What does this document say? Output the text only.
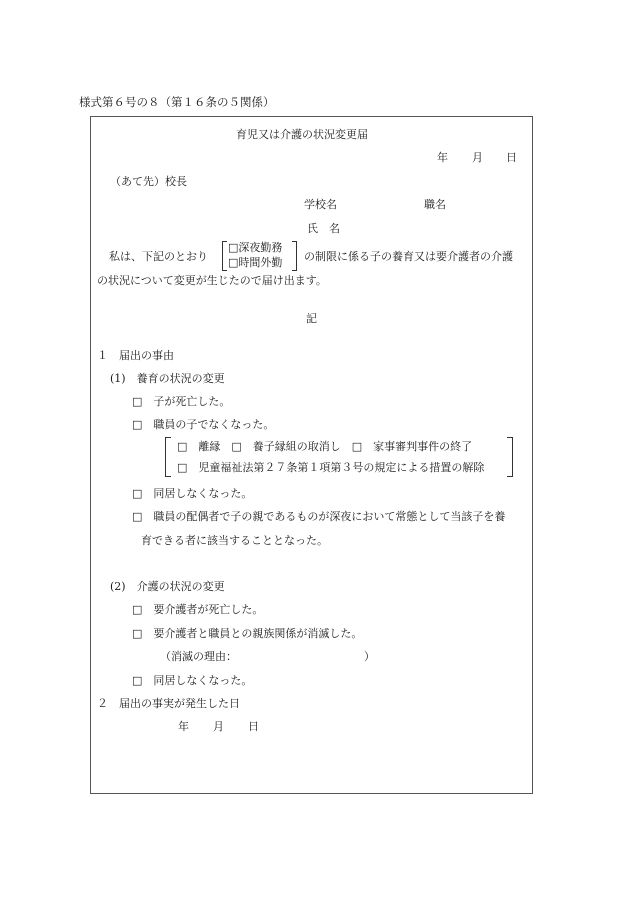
様式第６号の８（第１６条の５関係）
育児又は介護の状況変更届
年 月 日
（あて先）校長
学校名	職名
氏　名
私は、下記のとおり
□深夜勤務
□時間外勤 の制限に係る子の養育又は要介護者の介護
の状況について変更が生じたので届け出ます。
記
１　届出の事由
(1)　養育の状況の変更
□　子が死亡した。
□　職員の子でなくなった。
□　離縁　□　養子縁組の取消し　□　家事審判事件の終了
□　児童福祉法第２７条第１項第３号の規定による措置の解除
□　同居しなくなった。
□　職員の配偶者で子の親であるものが深夜において常態として当該子を養
育できる者に該当することとなった。
(2)　介護の状況の変更
□　要介護者が死亡した。
□　要介護者と職員との親族関係が消滅した。
（消滅の理由：	）
□　同居しなくなった。
２　届出の事実が発生した日
年 月 日
